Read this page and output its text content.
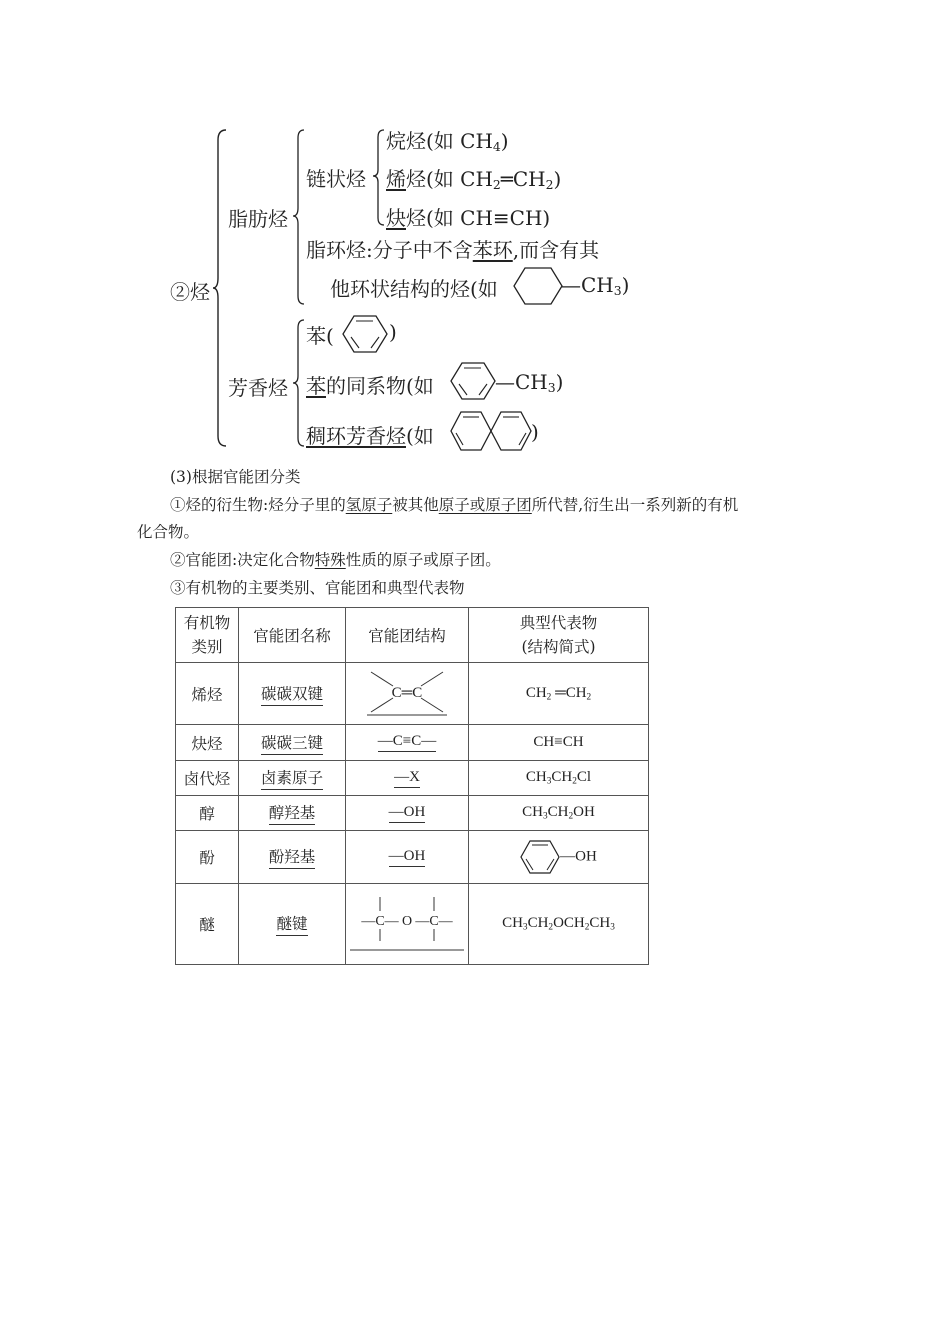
②烃
脂肪烃
链状烃
烷烃(如 $CH_4$)
烯烃(如 $CH_2═CH_2$)
炔烃(如 CH≡CH)
脂环烃:分子中不含苯环,而含有其
他环状结构的烃(如	$—CH_3$)
芳香烃
苯(	)
苯的同系物(如	$—CH_3$)
稠环芳香烃(如	)
(3)根据官能团分类
①烃的衍生物:烃分子里的氢原子被其他原子或原子团所代替,衍生出一系列新的有机
化合物。
②官能团:决定化合物特殊性质的原子或原子团。
③有机物的主要类别、官能团和典型代表物
有机物
类别	官能团名称	官能团结构	典型代表物
(结构简式)
烯烃	碳碳双键	C═C	$CH_2$ $═CH_2$
炔烃	碳碳三键	—C≡C—	CH≡CH
卤代烃	卤素原子	—X	$CH_3CH_2Cl$
醇	醇羟基	—OH	$CH_3CH_2OH$
酚	酚羟基	—OH	—OH
醚	醚键	—C— O —C—	$CH_3CH_2OCH_2CH_3$
